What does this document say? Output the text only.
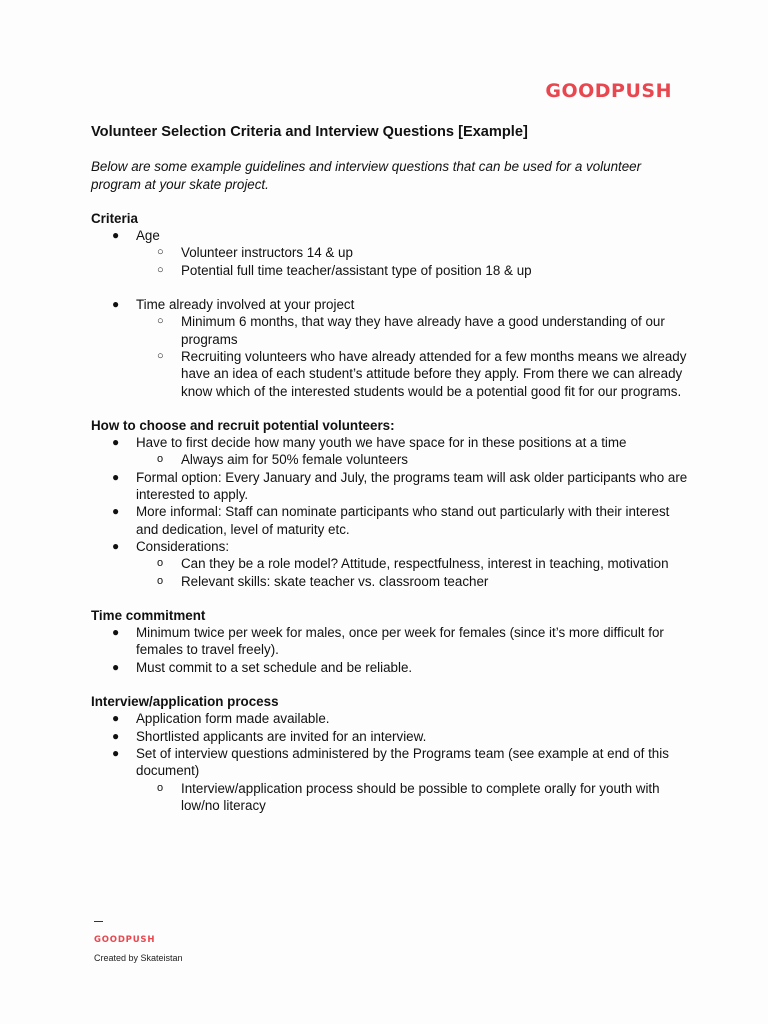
GOODPUSH

Volunteer Selection Criteria and Interview Questions [Example]

Below are some example guidelines and interview questions that can be used for a volunteer program at your skate project.

Criteria

● Age
○ Volunteer instructors 14 & up
○ Potential full time teacher/assistant type of position 18 & up
● Time already involved at your project
○ Minimum 6 months, that way they have already have a good understanding of our programs
○ Recruiting volunteers who have already attended for a few months means we already have an idea of each student’s attitude before they apply. From there we can already know which of the interested students would be a potential good fit for our programs.

How to choose and recruit potential volunteers:

● Have to first decide how many youth we have space for in these positions at a time
o Always aim for 50% female volunteers
● Formal option: Every January and July, the programs team will ask older participants who are interested to apply.
● More informal: Staff can nominate participants who stand out particularly with their interest and dedication, level of maturity etc.
● Considerations:
o Can they be a role model? Attitude, respectfulness, interest in teaching, motivation
o Relevant skills: skate teacher vs. classroom teacher

Time commitment

● Minimum twice per week for males, once per week for females (since it’s more difficult for females to travel freely).
● Must commit to a set schedule and be reliable.

Interview/application process

● Application form made available.
● Shortlisted applicants are invited for an interview.
● Set of interview questions administered by the Programs team (see example at end of this document)
o Interview/application process should be possible to complete orally for youth with low/no literacy
GOODPUSH
Created by Skateistan
